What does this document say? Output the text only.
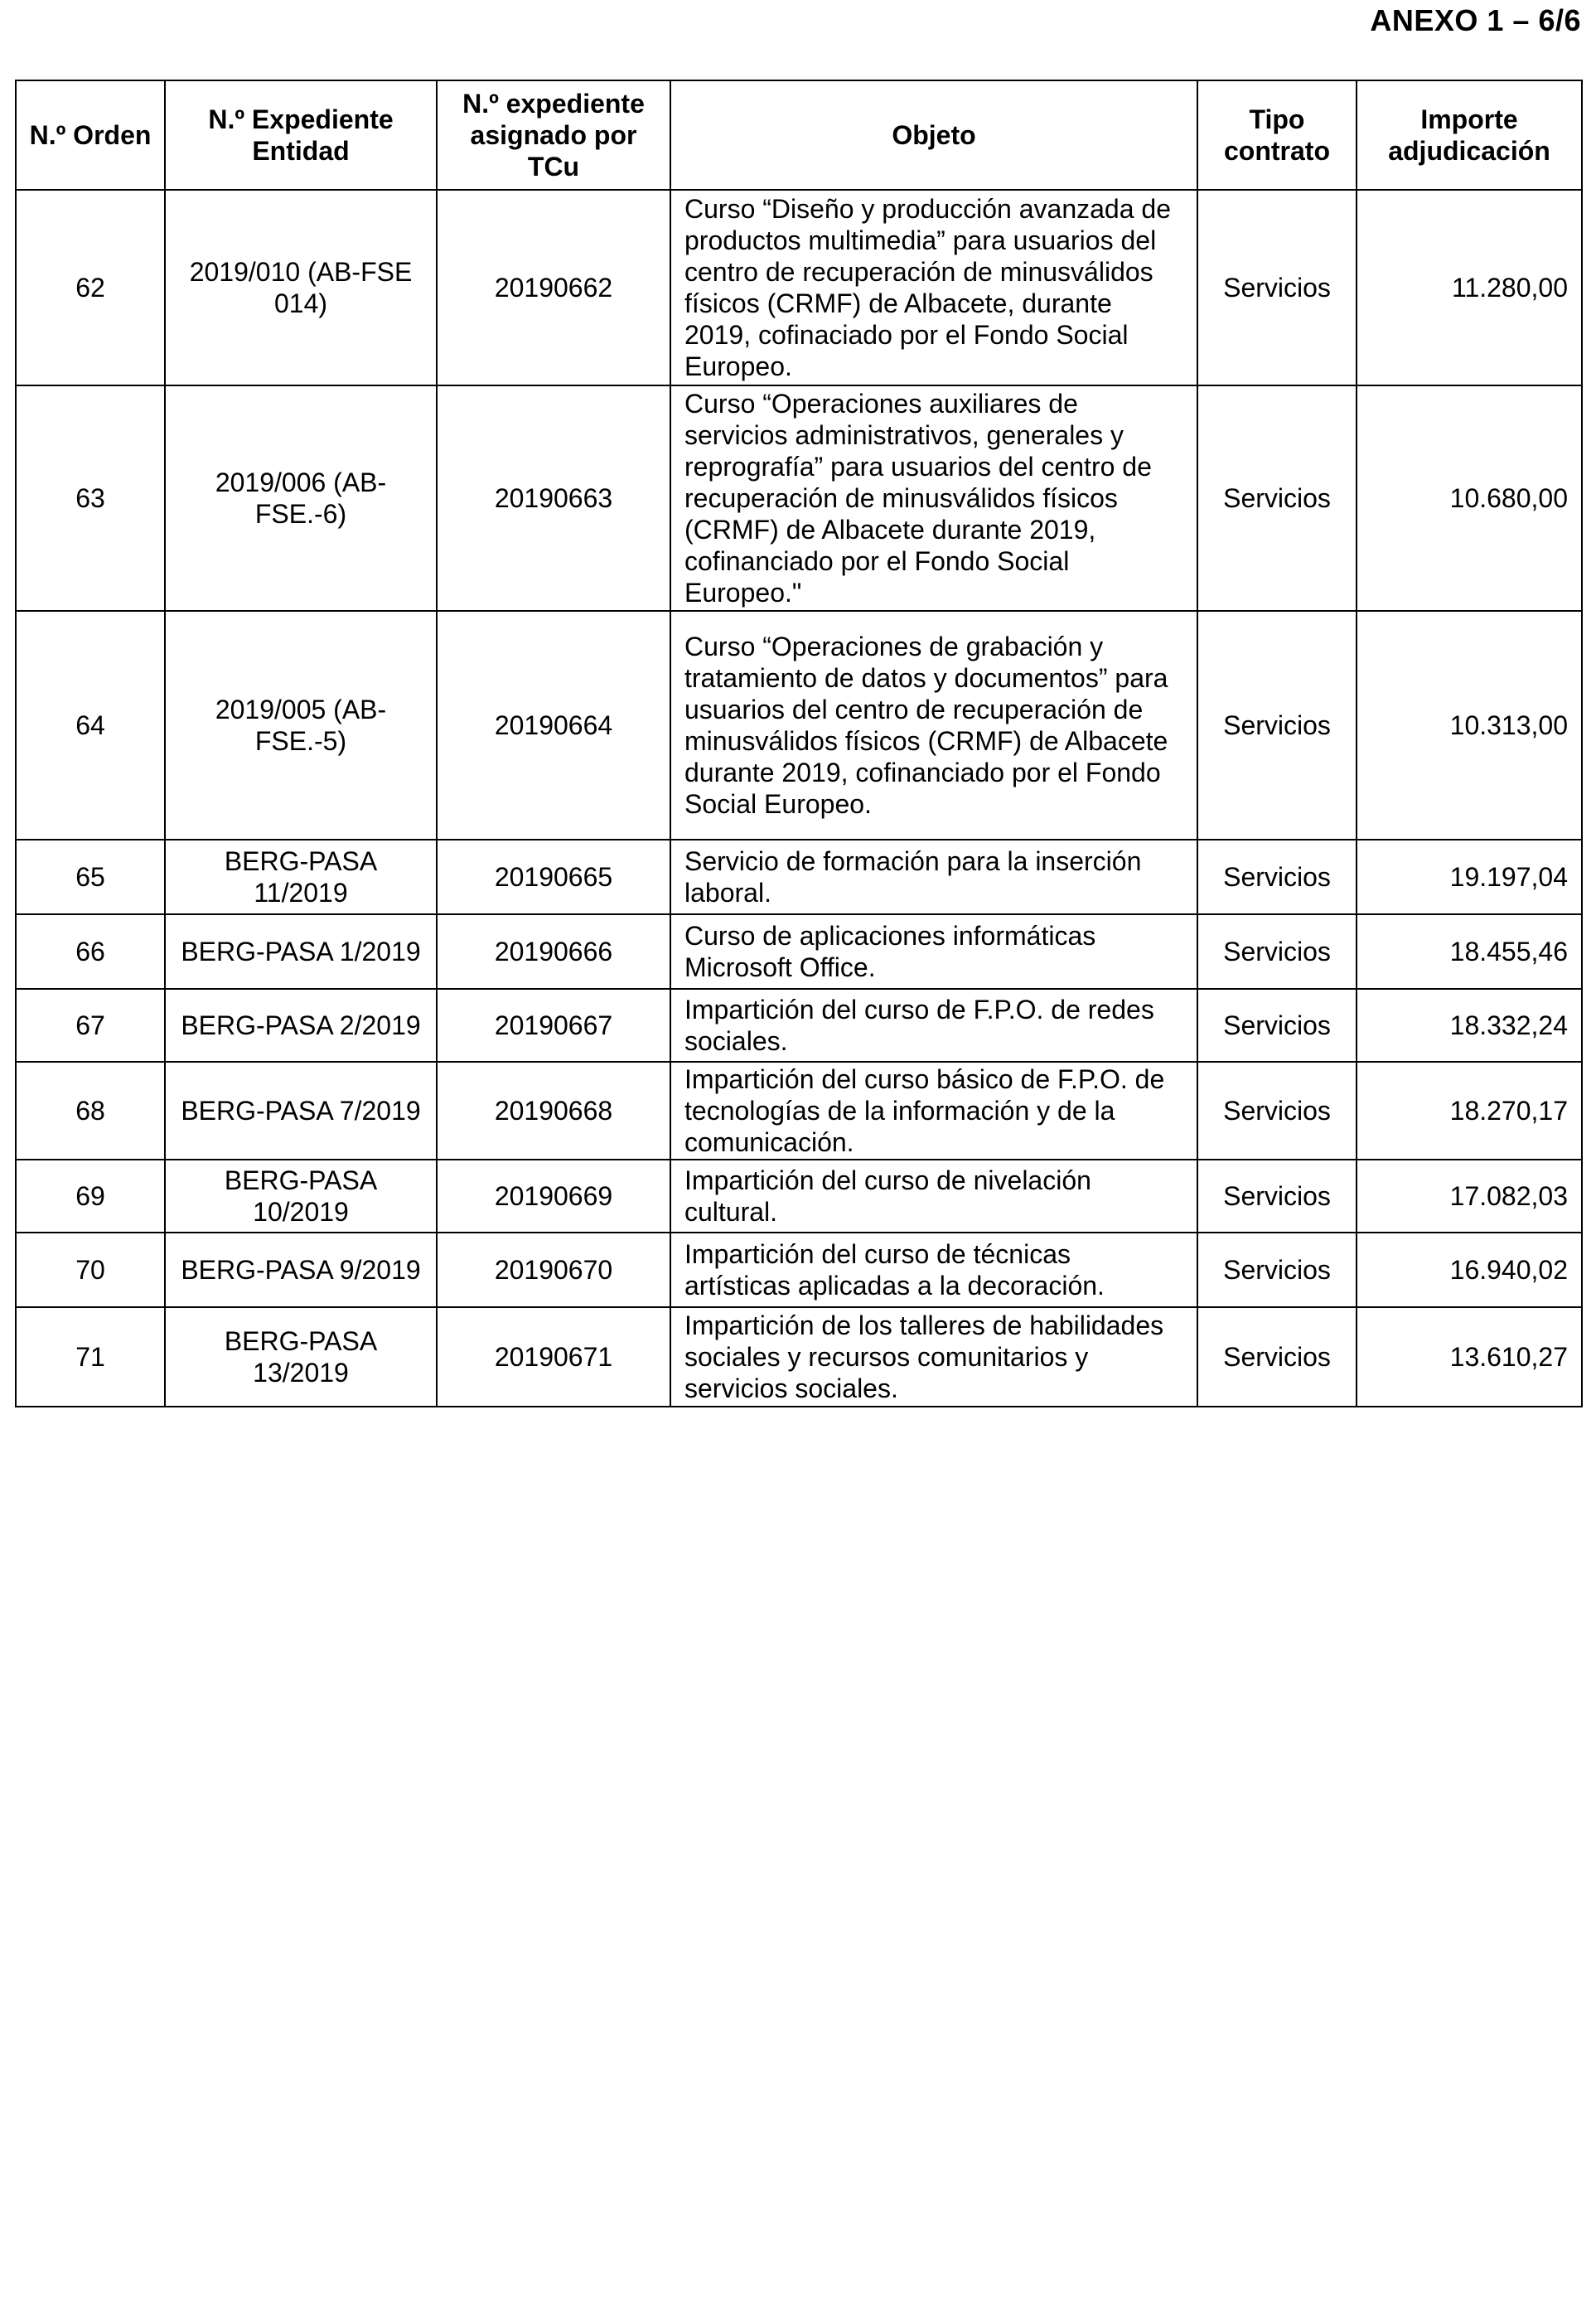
ANEXO 1 – 6/6
N.º Orden	N.º Expediente Entidad	N.º expediente asignado por TCu	Objeto	Tipo contrato	Importe adjudicación
62	2019/010 (AB-FSE 014)	20190662	Curso “Diseño y producción avanzada de productos multimedia” para usuarios del centro de recuperación de minusválidos físicos (CRMF) de Albacete, durante 2019, cofinaciado por el Fondo Social Europeo.	Servicios	11.280,00
63	2019/006 (AB-FSE.-6)	20190663	Curso “Operaciones auxiliares de servicios administrativos, generales y reprografía” para usuarios del centro de recuperación de minusválidos físicos (CRMF) de Albacete durante 2019, cofinanciado por el Fondo Social Europeo."	Servicios	10.680,00
64	2019/005 (AB-FSE.-5)	20190664	Curso “Operaciones de grabación y tratamiento de datos y documentos” para usuarios del centro de recuperación de minusválidos físicos (CRMF) de Albacete durante 2019, cofinanciado por el Fondo Social Europeo.	Servicios	10.313,00
65	BERG-PASA 11/2019	20190665	Servicio de formación para la inserción laboral.	Servicios	19.197,04
66	BERG-PASA 1/2019	20190666	Curso de aplicaciones informáticas Microsoft Office.	Servicios	18.455,46
67	BERG-PASA 2/2019	20190667	Impartición del curso de F.P.O. de redes sociales.	Servicios	18.332,24
68	BERG-PASA 7/2019	20190668	Impartición del curso básico de F.P.O. de tecnologías de la información y de la comunicación.	Servicios	18.270,17
69	BERG-PASA 10/2019	20190669	Impartición del curso de nivelación cultural.	Servicios	17.082,03
70	BERG-PASA 9/2019	20190670	Impartición del curso de técnicas artísticas aplicadas a la decoración.	Servicios	16.940,02
71	BERG-PASA 13/2019	20190671	Impartición de los talleres de habilidades sociales y recursos comunitarios y servicios sociales.	Servicios	13.610,27
